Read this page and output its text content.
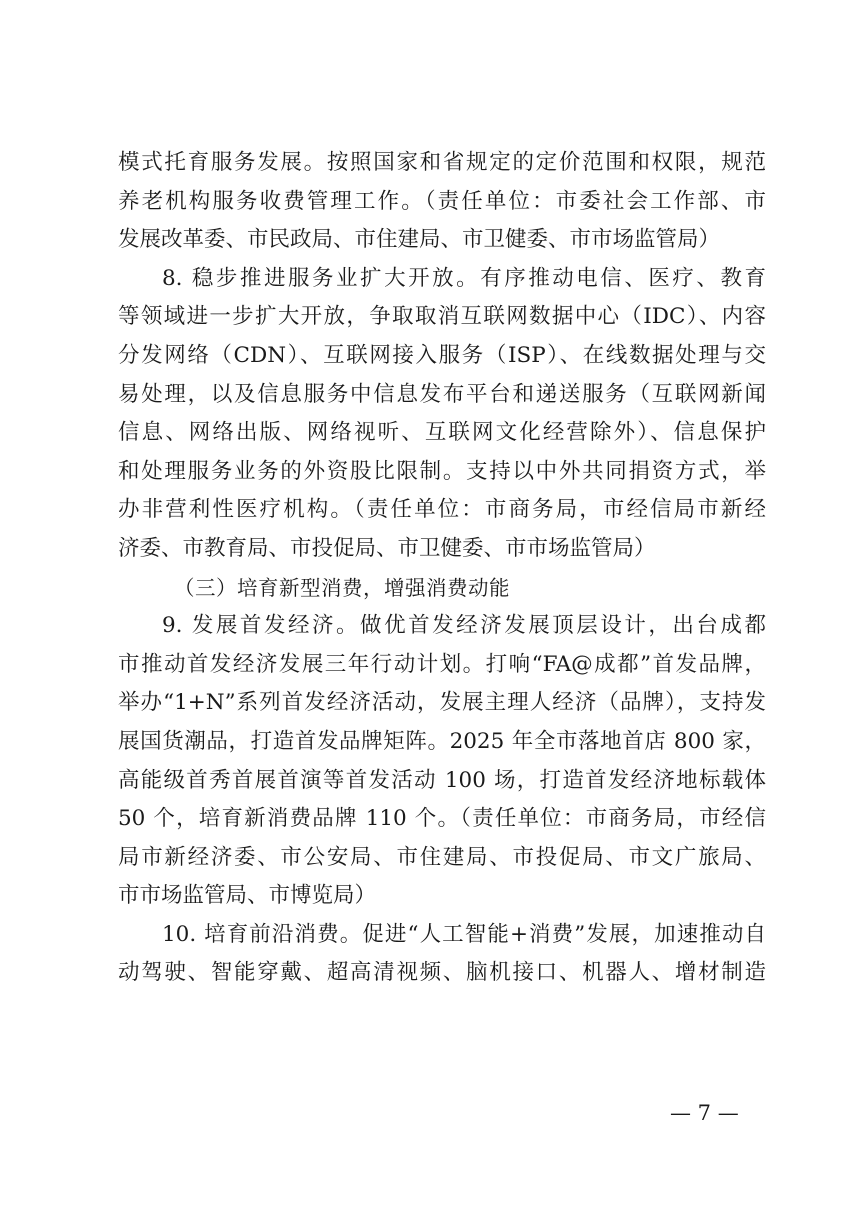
模式托育服务发展。按照国家和省规定的定价范围和权限，规范
养老机构服务收费管理工作。（责任单位：市委社会工作部、市
发展改革委、市民政局、市住建局、市卫健委、市市场监管局）
8. 稳步推进服务业扩大开放。有序推动电信、医疗、教育
等领域进一步扩大开放，争取取消互联网数据中心（IDC）、内容
分发网络（CDN）、互联网接入服务（ISP）、在线数据处理与交
易处理，以及信息服务中信息发布平台和递送服务（互联网新闻
信息、网络出版、网络视听、互联网文化经营除外）、信息保护
和处理服务业务的外资股比限制。支持以中外共同捐资方式，举
办非营利性医疗机构。（责任单位：市商务局，市经信局市新经
济委、市教育局、市投促局、市卫健委、市市场监管局）
（三）培育新型消费，增强消费动能
9. 发展首发经济。做优首发经济发展顶层设计，出台成都
市推动首发经济发展三年行动计划。打响“FA@成都”首发品牌，
举办“1+N”系列首发经济活动，发展主理人经济（品牌），支持发
展国货潮品，打造首发品牌矩阵。2025 年全市落地首店 800 家，
高能级首秀首展首演等首发活动 100 场，打造首发经济地标载体
50 个，培育新消费品牌 110 个。（责任单位：市商务局，市经信
局市新经济委、市公安局、市住建局、市投促局、市文广旅局、
市市场监管局、市博览局）
10. 培育前沿消费。促进“人工智能+消费”发展，加速推动自
动驾驶、智能穿戴、超高清视频、脑机接口、机器人、增材制造
— 7 —
